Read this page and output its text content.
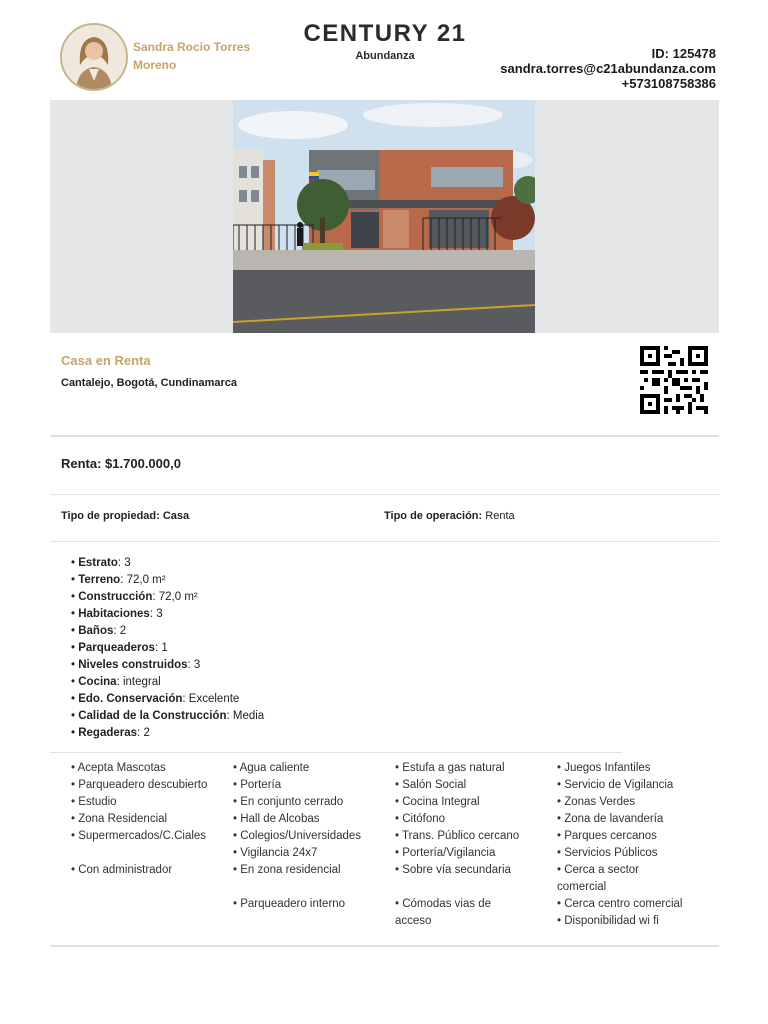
Sandra Rocio Torres Moreno
CENTURY 21
Abundanza	ID: 125478
sandra.torres@c21abundanza.com
+573108758386
Casa en Renta
Cantalejo, Bogotá, Cundinamarca
Renta: $1.700.000,0
Tipo de propiedad: Casa	Tipo de operación: Renta
• Estrato: 3
• Terreno: 72,0 m²
• Construcción: 72,0 m²
• Habitaciones: 3
• Baños: 2
• Parqueaderos: 1
• Niveles construidos: 3
• Cocina: integral
• Edo. Conservación: Excelente
• Calidad de la Construcción: Media
• Regaderas: 2
• Acepta Mascotas
• Parqueadero descubierto
• Estudio
• Zona Residencial
• Supermercados/C.Ciales
• Con administrador
• Agua caliente
• Portería
• En conjunto cerrado
• Hall de Alcobas
• Colegios/Universidades
• Vigilancia 24x7
• En zona residencial
• Parqueadero interno
• Estufa a gas natural
• Salón Social
• Cocina Integral
• Citófono
• Trans. Público cercano
• Portería/Vigilancia
• Sobre vía secundaria
• Cómodas vias de acceso
• Juegos Infantiles
• Servicio de Vigilancia
• Zonas Verdes
• Zona de lavandería
• Parques cercanos
• Servicios Públicos
• Cerca a sector comercial
• Cerca centro comercial
• Disponibilidad wi fi
